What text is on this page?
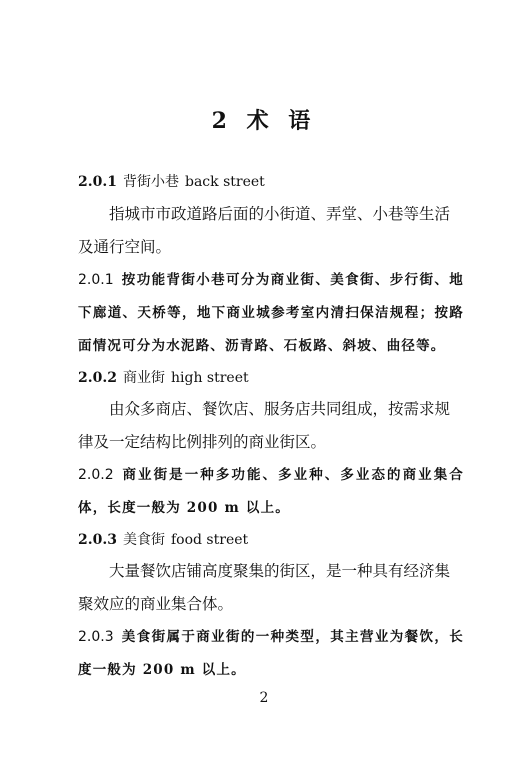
2 术 语
2.0.1 背街小巷 back street
指城市市政道路后面的小街道、弄堂、小巷等生活及通行空间。
2.0.1 按功能背街小巷可分为商业街、美食街、步行街、地下廊道、天桥等，地下商业城参考室内清扫保洁规程；按路面情况可分为水泥路、沥青路、石板路、斜坡、曲径等。
2.0.2 商业街 high street
由众多商店、餐饮店、服务店共同组成，按需求规律及一定结构比例排列的商业街区。
2.0.2 商业街是一种多功能、多业种、多业态的商业集合体，长度一般为 200 m 以上。
2.0.3 美食街 food street
大量餐饮店铺高度聚集的街区，是一种具有经济集聚效应的商业集合体。
2.0.3 美食街属于商业街的一种类型，其主营业为餐饮，长度一般为 200 m 以上。
2
